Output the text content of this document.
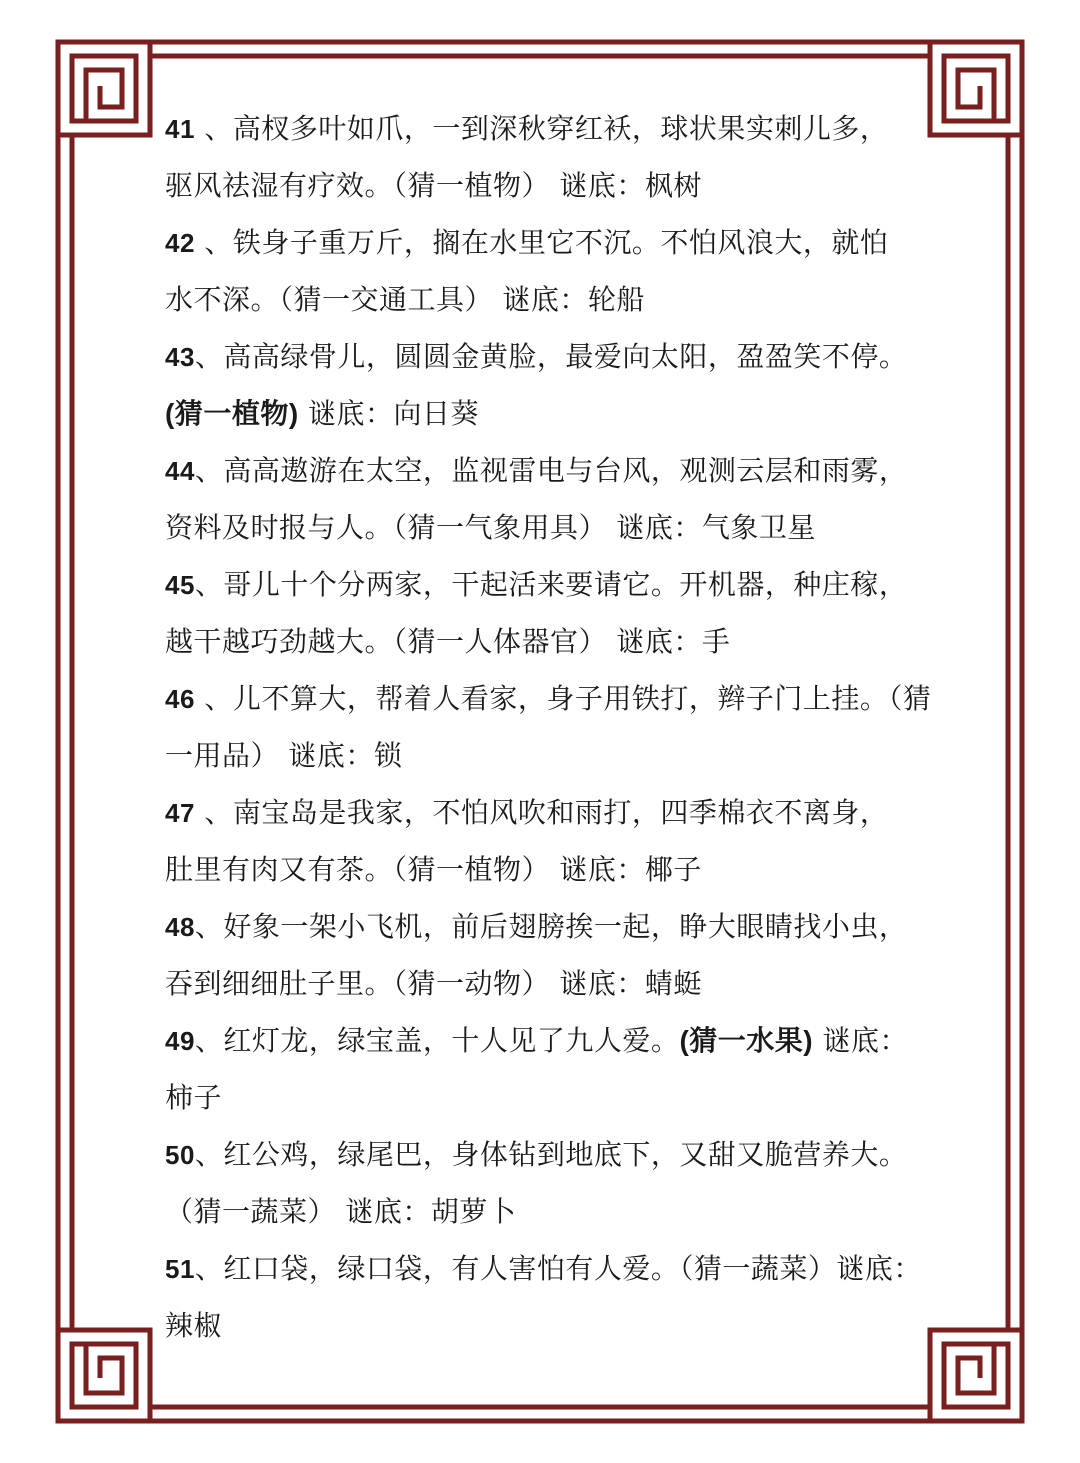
41 、高杈多叶如爪，一到深秋穿红袄，球状果实刺儿多，
驱风祛湿有疗效。（猜一植物） 谜底：枫树
42 、铁身子重万斤，搁在水里它不沉。不怕风浪大，就怕
水不深。（猜一交通工具） 谜底：轮船
43、高高绿骨儿，圆圆金黄脸，最爱向太阳，盈盈笑不停。
(猜一植物) 谜底：向日葵
44、高高遨游在太空，监视雷电与台风，观测云层和雨雾，
资料及时报与人。（猜一气象用具） 谜底：气象卫星
45、哥儿十个分两家，干起活来要请它。开机器，种庄稼，
越干越巧劲越大。（猜一人体器官） 谜底：手
46 、儿不算大，帮着人看家，身子用铁打，辫子门上挂。（猜
一用品） 谜底：锁
47 、南宝岛是我家，不怕风吹和雨打，四季棉衣不离身，
肚里有肉又有茶。（猜一植物） 谜底：椰子
48、好象一架小飞机，前后翅膀挨一起，睁大眼睛找小虫，
吞到细细肚子里。（猜一动物） 谜底：蜻蜓
49、红灯龙，绿宝盖，十人见了九人爱。(猜一水果) 谜底：
柿子
50、红公鸡，绿尾巴，身体钻到地底下，又甜又脆营养大。
（猜一蔬菜） 谜底：胡萝卜
51、红口袋，绿口袋，有人害怕有人爱。（猜一蔬菜）谜底：
辣椒
